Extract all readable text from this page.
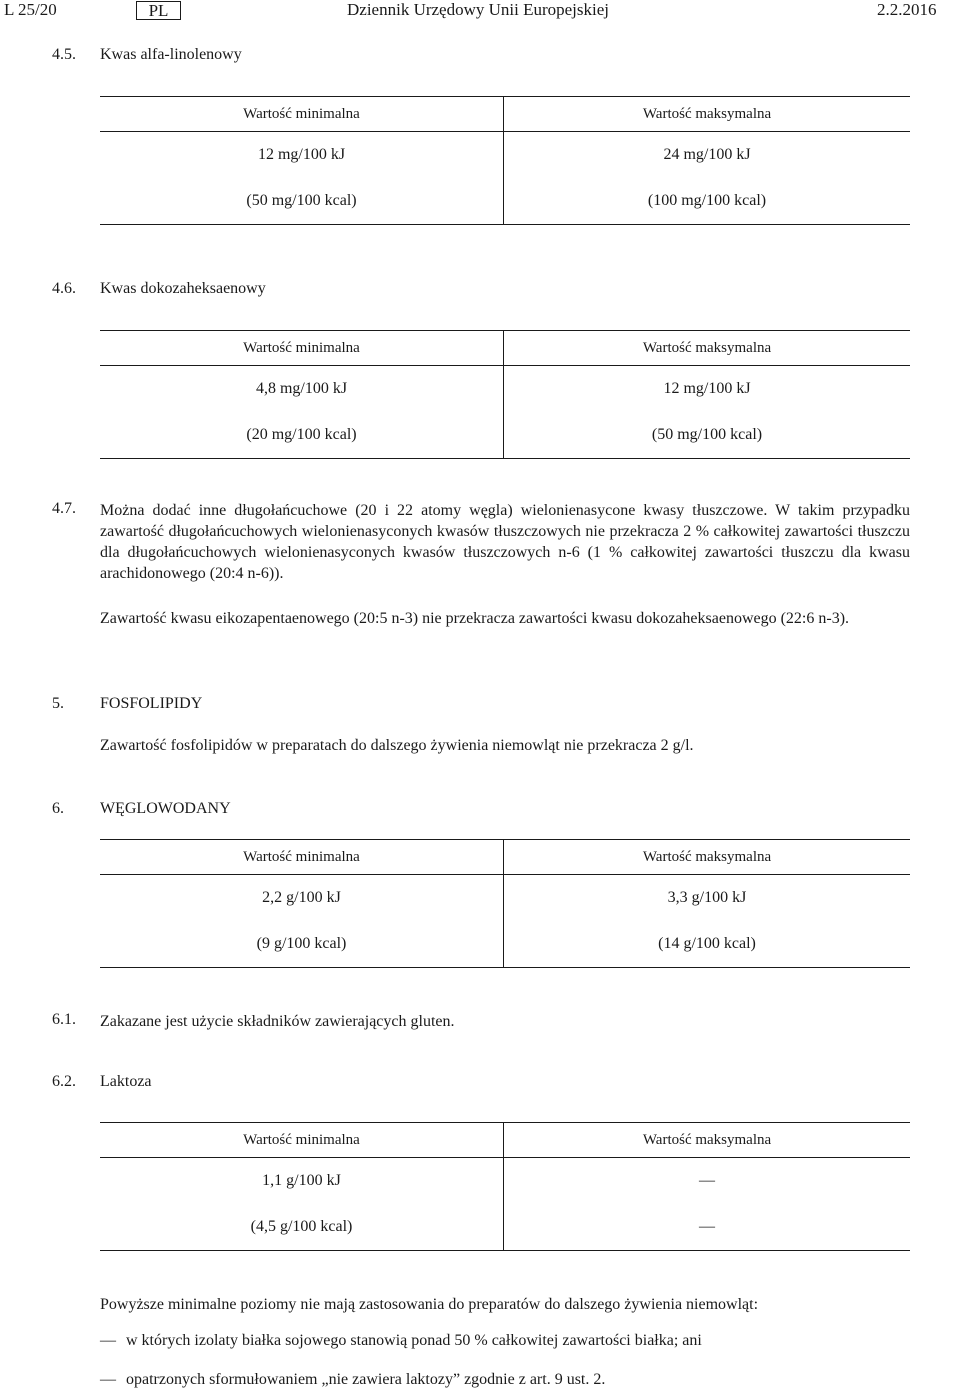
L 25/20	PL	Dziennik Urzędowy Unii Europejskiej	2.2.2016
4.5. Kwas alfa-linolenowy
Wartość minimalna	Wartość maksymalna
12 mg/100 kJ	24 mg/100 kJ
(50 mg/100 kcal)	(100 mg/100 kcal)
4.6. Kwas dokozaheksaenowy
Wartość minimalna	Wartość maksymalna
4,8 mg/100 kJ	12 mg/100 kJ
(20 mg/100 kcal)	(50 mg/100 kcal)
4.7. Można dodać inne długołańcuchowe (20 i 22 atomy węgla) wielonienasycone kwasy tłuszczowe. W takim przypadku zawartość długołańcuchowych wielonienasyconych kwasów tłuszczowych nie przekracza 2 % całkowitej zawartości tłuszczu dla długołańcuchowych wielonienasyconych kwasów tłuszczowych n-6 (1 % całkowitej zawartości tłuszczu dla kwasu arachidonowego (20:4 n-6)).
Zawartość kwasu eikozapentaenowego (20:5 n-3) nie przekracza zawartości kwasu dokozaheksaenowego (22:6 n-3).
5. FOSFOLIPIDY
Zawartość fosfolipidów w preparatach do dalszego żywienia niemowląt nie przekracza 2 g/l.
6. WĘGLOWODANY
Wartość minimalna	Wartość maksymalna
2,2 g/100 kJ	3,3 g/100 kJ
(9 g/100 kcal)	(14 g/100 kcal)
6.1. Zakazane jest użycie składników zawierających gluten.
6.2. Laktoza
Wartość minimalna	Wartość maksymalna
1,1 g/100 kJ	—
(4,5 g/100 kcal)	—
Powyższe minimalne poziomy nie mają zastosowania do preparatów do dalszego żywienia niemowląt:
— w których izolaty białka sojowego stanowią ponad 50 % całkowitej zawartości białka; ani
— opatrzonych sformułowaniem „nie zawiera laktozy” zgodnie z art. 9 ust. 2.
